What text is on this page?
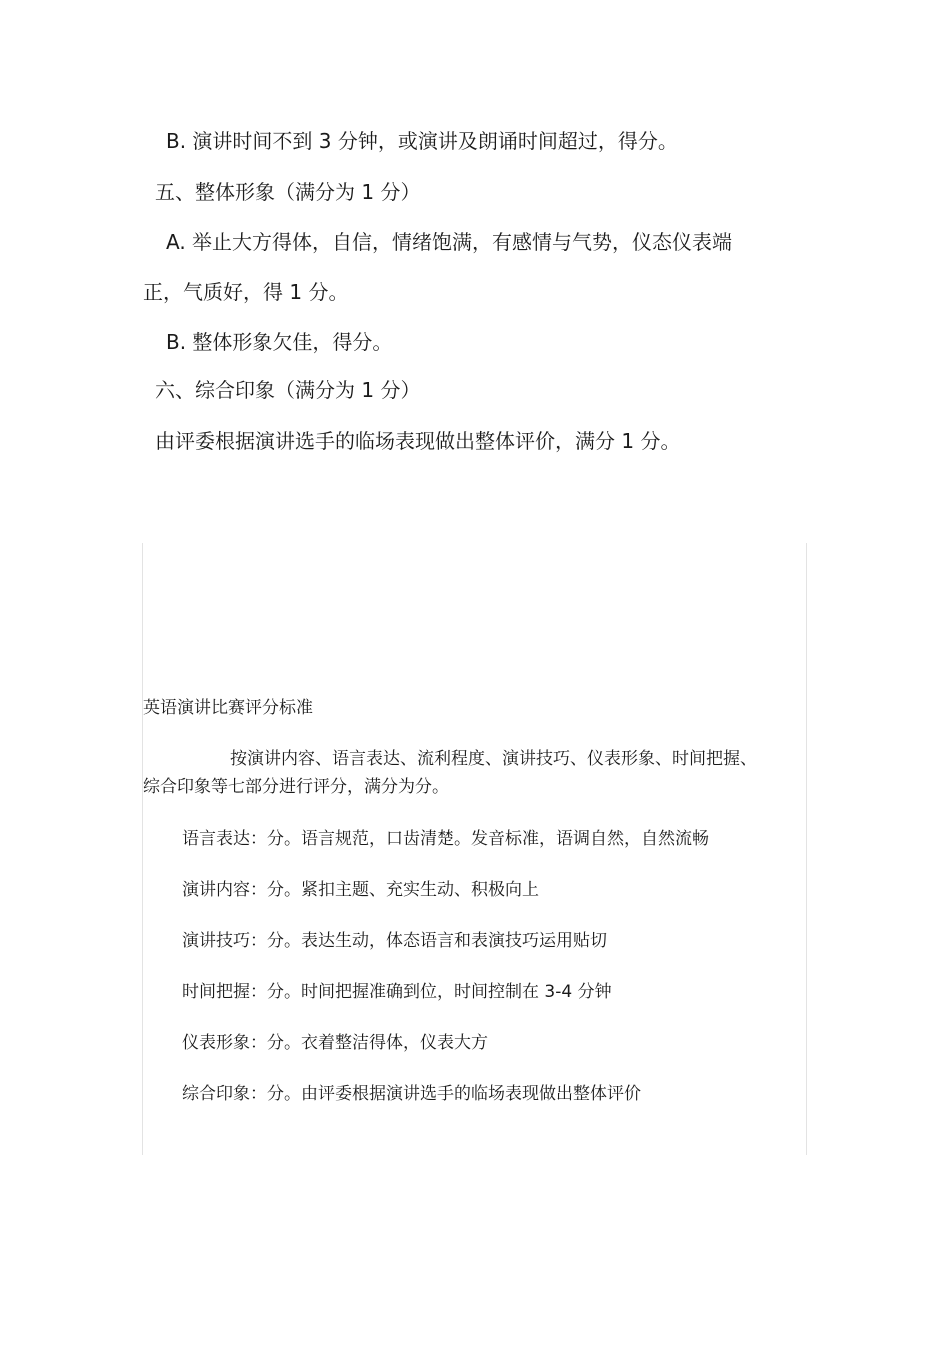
B. 演讲时间不到 3 分钟，或演讲及朗诵时间超过，得分。
五、整体形象（满分为 1 分）
A. 举止大方得体，自信，情绪饱满，有感情与气势，仪态仪表端
正，气质好，得 1 分。
B. 整体形象欠佳，得分。
六、综合印象（满分为 1 分）
由评委根据演讲选手的临场表现做出整体评价，满分 1 分。
英语演讲比赛评分标准
按演讲内容、语言表达、流利程度、演讲技巧、仪表形象、时间把握、
综合印象等七部分进行评分，满分为分。
语言表达：分。语言规范，口齿清楚。发音标准，语调自然，自然流畅
演讲内容：分。紧扣主题、充实生动、积极向上
演讲技巧：分。表达生动，体态语言和表演技巧运用贴切
时间把握：分。时间把握准确到位，时间控制在 3-4 分钟
仪表形象：分。衣着整洁得体，仪表大方
综合印象：分。由评委根据演讲选手的临场表现做出整体评价
